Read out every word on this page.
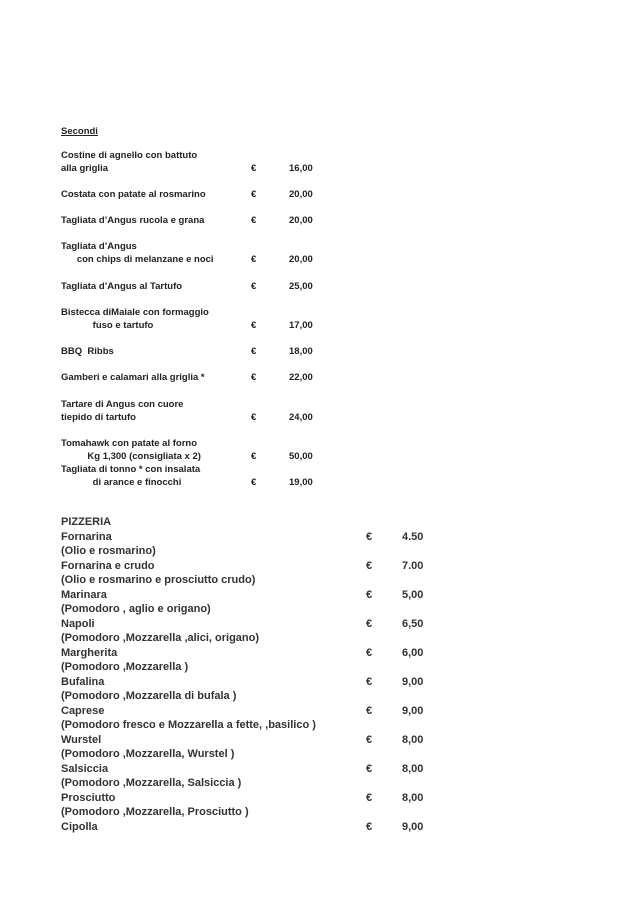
Secondi
Costine di agnello con battuto
alla griglia	€	16,00
Costata con patate al rosmarino	€	20,00
Tagliata d’Angus rucola e grana	€	20,00
Tagliata d’Angus
con chips di melanzane e noci	€	20,00
Tagliata d’Angus al Tartufo	€	25,00
Bistecca diMaiale con formaggio
fuso e tartufo	€	17,00
BBQ  Ribbs	€	18,00
Gamberi e calamari alla griglia *	€	22,00
Tartare di Angus con cuore
tiepido di tartufo	€	24,00
Tomahawk con patate al forno
Kg 1,300 (consigliata x 2)	€	50,00
Tagliata di tonno * con insalata
di arance e finocchi	€	19,00
PIZZERIA
Fornarina	€	4.50
(Olio e rosmarino)
Fornarina e crudo	€	7.00
(Olio e rosmarino e prosciutto crudo)
Marinara	€	5,00
(Pomodoro , aglio e origano)
Napoli	€	6,50
(Pomodoro ,Mozzarella ,alici, origano)
Margherita	€	6,00
(Pomodoro ,Mozzarella )
Bufalina	€	9,00
(Pomodoro ,Mozzarella di bufala )
Caprese	€	9,00
(Pomodoro fresco e Mozzarella a fette, ,basilico )
Wurstel	€	8,00
(Pomodoro ,Mozzarella, Wurstel )
Salsiccia	€	8,00
(Pomodoro ,Mozzarella, Salsiccia )
Prosciutto	€	8,00
(Pomodoro ,Mozzarella, Prosciutto )
Cipolla	€	9,00
